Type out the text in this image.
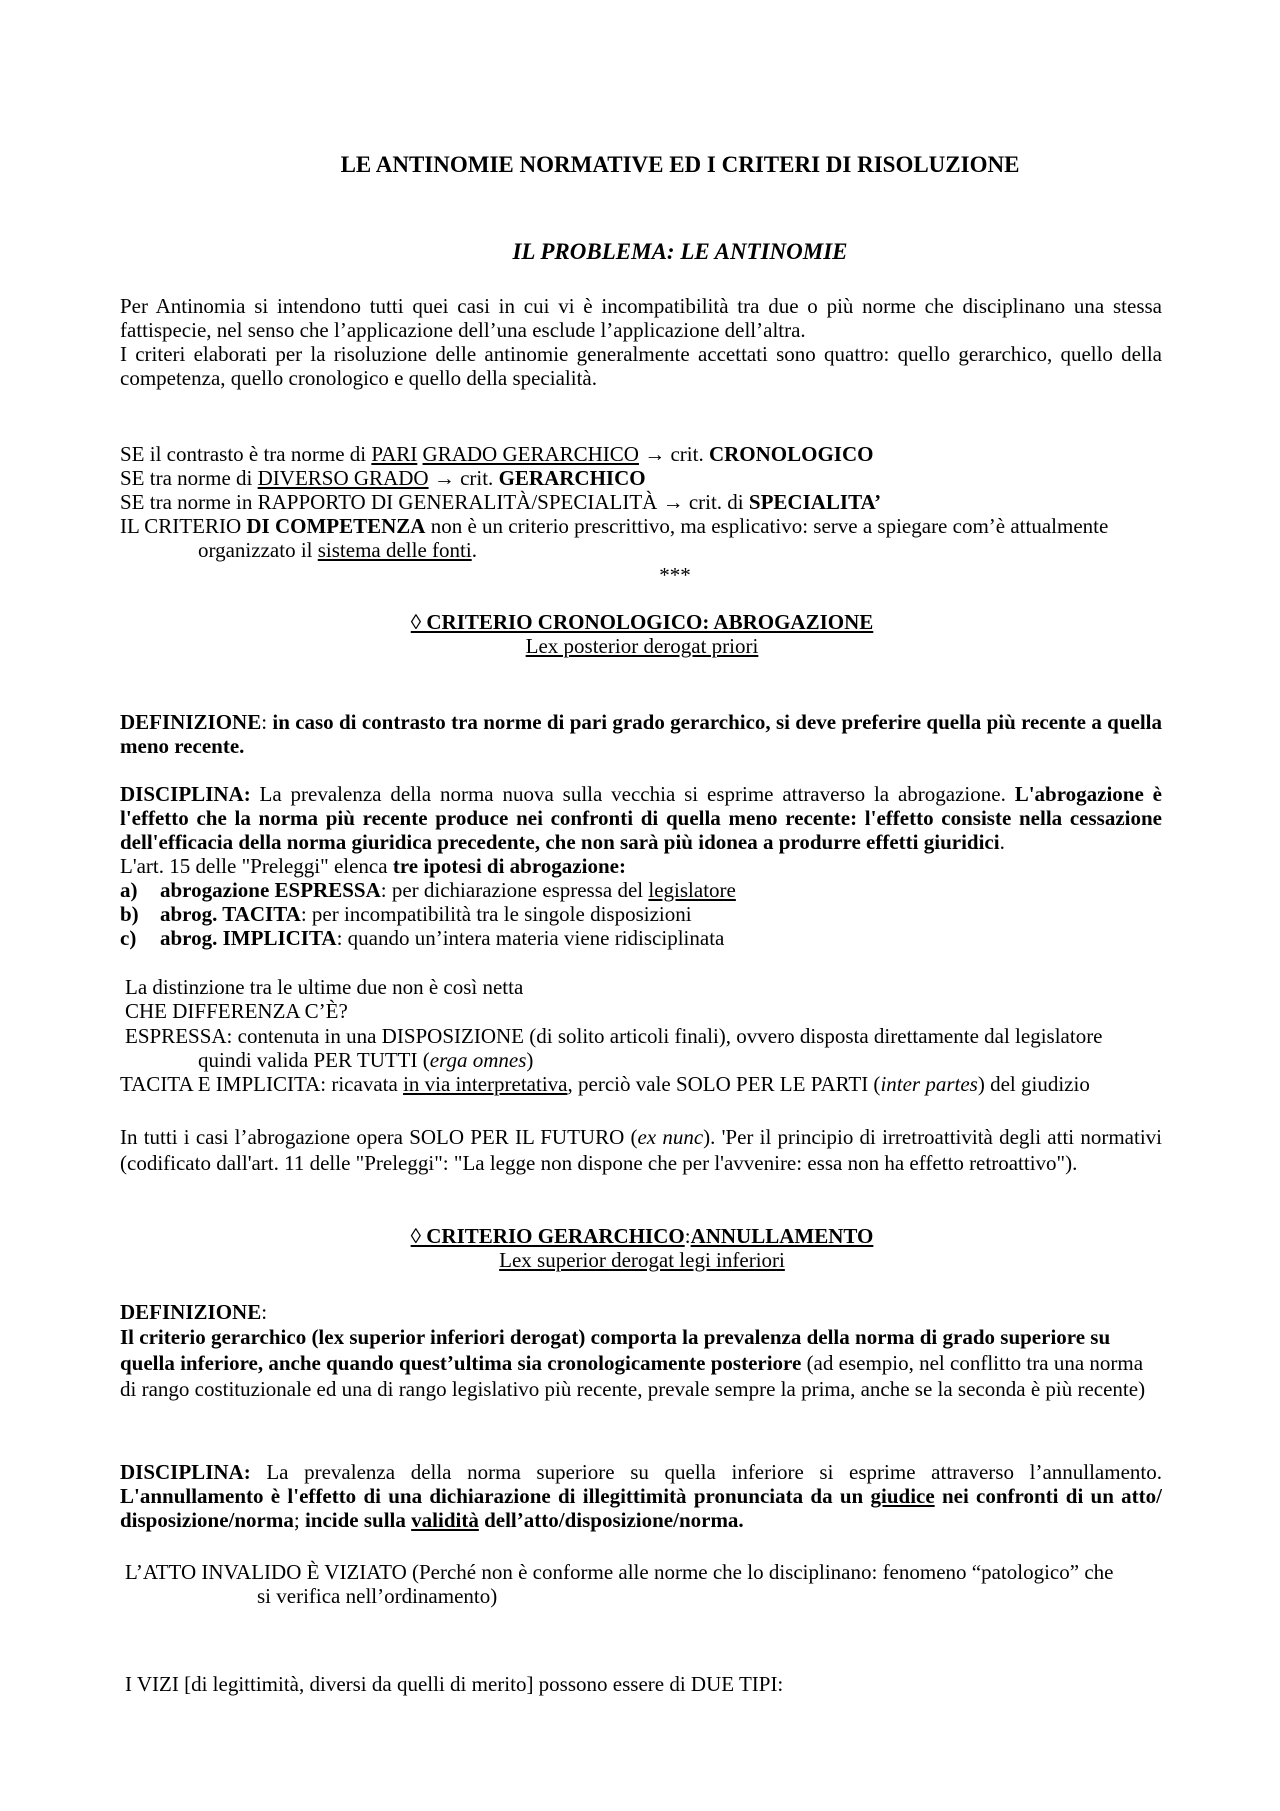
LE ANTINOMIE NORMATIVE ED I CRITERI DI RISOLUZIONE
IL PROBLEMA: LE ANTINOMIE
Per Antinomia si intendono tutti quei casi in cui vi è incompatibilità tra due o più norme che disciplinano una stessa fattispecie, nel senso che l’applicazione dell’una esclude l’applicazione dell’altra.
I criteri elaborati per la risoluzione delle antinomie generalmente accettati sono quattro: quello gerarchico, quello della competenza, quello cronologico e quello della specialità.
SE il contrasto è tra norme di PARI GRADO GERARCHICO → crit. CRONOLOGICO
SE tra norme di DIVERSO GRADO → crit. GERARCHICO
SE tra norme in RAPPORTO DI GENERALITÀ/SPECIALITÀ → crit. di SPECIALITA’
IL CRITERIO DI COMPETENZA non è un criterio prescrittivo, ma esplicativo: serve a spiegare com’è attualmente
organizzato il sistema delle fonti.
***
◊ CRITERIO CRONOLOGICO: ABROGAZIONE
Lex posterior derogat priori
DEFINIZIONE: in caso di contrasto tra norme di pari grado gerarchico, si deve preferire quella più recente a quella meno recente.
DISCIPLINA: La prevalenza della norma nuova sulla vecchia si esprime attraverso la abrogazione. L'abrogazione è l'effetto che la norma più recente produce nei confronti di quella meno recente: l'effetto consiste nella cessazione dell'efficacia della norma giuridica precedente, che non sarà più idonea a produrre effetti giuridici.
L'art. 15 delle "Preleggi" elenca tre ipotesi di abrogazione:
a) abrogazione ESPRESSA: per dichiarazione espressa del legislatore
b) abrog. TACITA: per incompatibilità tra le singole disposizioni
c) abrog. IMPLICITA: quando un’intera materia viene ridisciplinata
La distinzione tra le ultime due non è così netta
CHE DIFFERENZA C’È?
ESPRESSA: contenuta in una DISPOSIZIONE (di solito articoli finali), ovvero disposta direttamente dal legislatore
quindi valida PER TUTTI (erga omnes)
TACITA E IMPLICITA: ricavata in via interpretativa, perciò vale SOLO PER LE PARTI (inter partes) del giudizio
In tutti i casi l’abrogazione opera SOLO PER IL FUTURO (ex nunc). 'Per il principio di irretroattività degli atti normativi (codificato dall'art. 11 delle "Preleggi": "La legge non dispone che per l'avvenire: essa non ha effetto retroattivo").
◊ CRITERIO GERARCHICO:ANNULLAMENTO
Lex superior derogat legi inferiori
DEFINIZIONE:
Il criterio gerarchico (lex superior inferiori derogat) comporta la prevalenza della norma di grado superiore su quella inferiore, anche quando quest’ultima sia cronologicamente posteriore (ad esempio, nel conflitto tra una norma di rango costituzionale ed una di rango legislativo più recente, prevale sempre la prima, anche se la seconda è più recente)
DISCIPLINA: La prevalenza della norma superiore su quella inferiore si esprime attraverso l’annullamento. L'annullamento è l'effetto di una dichiarazione di illegittimità pronunciata da un giudice nei confronti di un atto/ disposizione/norma; incide sulla validità dell’atto/disposizione/norma.
L’ATTO INVALIDO È VIZIATO (Perché non è conforme alle norme che lo disciplinano: fenomeno “patologico” che
si verifica nell’ordinamento)
I VIZI [di legittimità, diversi da quelli di merito] possono essere di DUE TIPI:
